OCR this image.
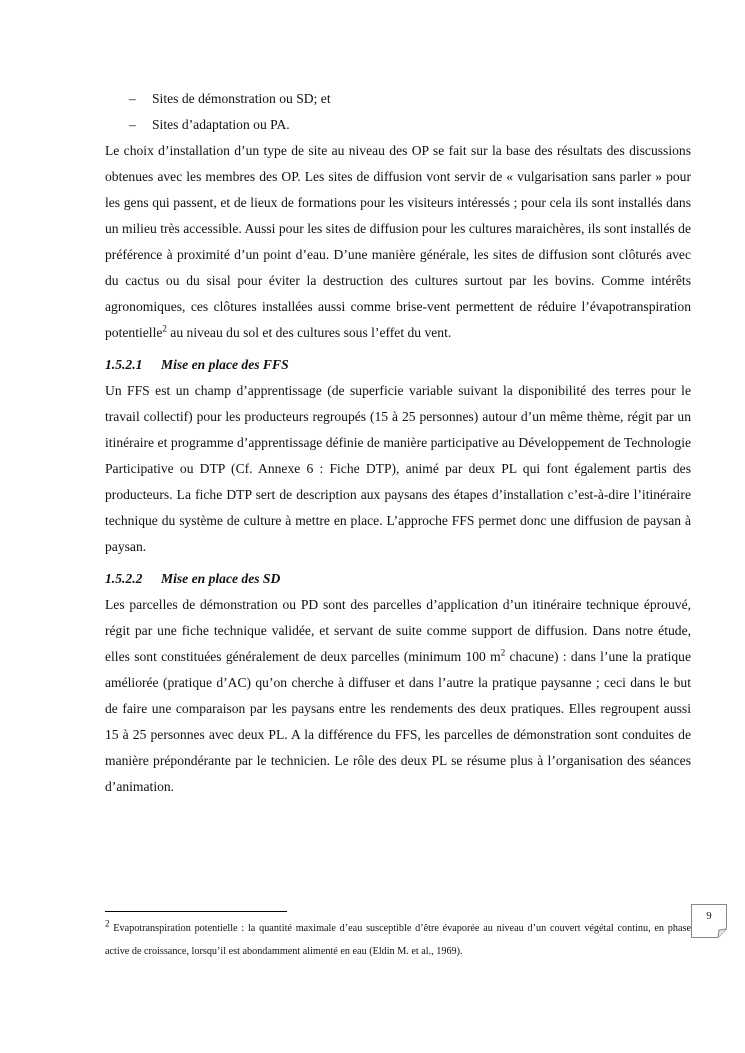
– Sites de démonstration ou SD; et
– Sites d’adaptation ou PA.

Le choix d’installation d’un type de site au niveau des OP se fait sur la base des résultats des discussions obtenues avec les membres des OP. Les sites de diffusion vont servir de « vulgarisation sans parler » pour les gens qui passent, et de lieux de formations pour les visiteurs intéressés ; pour cela ils sont installés dans un milieu très accessible. Aussi pour les sites de diffusion pour les cultures maraichères, ils sont installés de préférence à proximité d’un point d’eau. D’une manière générale, les sites de diffusion sont clôturés avec du cactus ou du sisal pour éviter la destruction des cultures surtout par les bovins. Comme intérêts agronomiques, ces clôtures installées aussi comme brise-vent permettent de réduire l’évapotranspiration potentielle$^2$ au niveau du sol et des cultures sous l’effet du vent.

1.5.2.1 Mise en place des FFS

Un FFS est un champ d’apprentissage (de superficie variable suivant la disponibilité des terres pour le travail collectif) pour les producteurs regroupés (15 à 25 personnes) autour d’un même thème, régit par un itinéraire et programme d’apprentissage définie de manière participative au Développement de Technologie Participative ou DTP (Cf. Annexe 6 : Fiche DTP), animé par deux PL qui font également partis des producteurs. La fiche DTP sert de description aux paysans des étapes d’installation c’est-à-dire l’itinéraire technique du système de culture à mettre en place. L’approche FFS permet donc une diffusion de paysan à paysan.

1.5.2.2 Mise en place des SD

Les parcelles de démonstration ou PD sont des parcelles d’application d’un itinéraire technique éprouvé, régit par une fiche technique validée, et servant de suite comme support de diffusion. Dans notre étude, elles sont constituées généralement de deux parcelles (minimum 100 $m^2$ chacune) : dans l’une la pratique améliorée (pratique d’AC) qu’on cherche à diffuser et dans l’autre la pratique paysanne ; ceci dans le but de faire une comparaison par les paysans entre les rendements des deux pratiques. Elles regroupent aussi 15 à 25 personnes avec deux PL. A la différence du FFS, les parcelles de démonstration sont conduites de manière prépondérante par le technicien. Le rôle des deux PL se résume plus à l’organisation des séances d’animation.

2 Evapotranspiration potentielle : la quantité maximale d’eau susceptible d’être évaporée au niveau d’un couvert végétal continu, en phase active de croissance, lorsqu’il est abondamment alimenté en eau (Eldin M. et al., 1969).
9
